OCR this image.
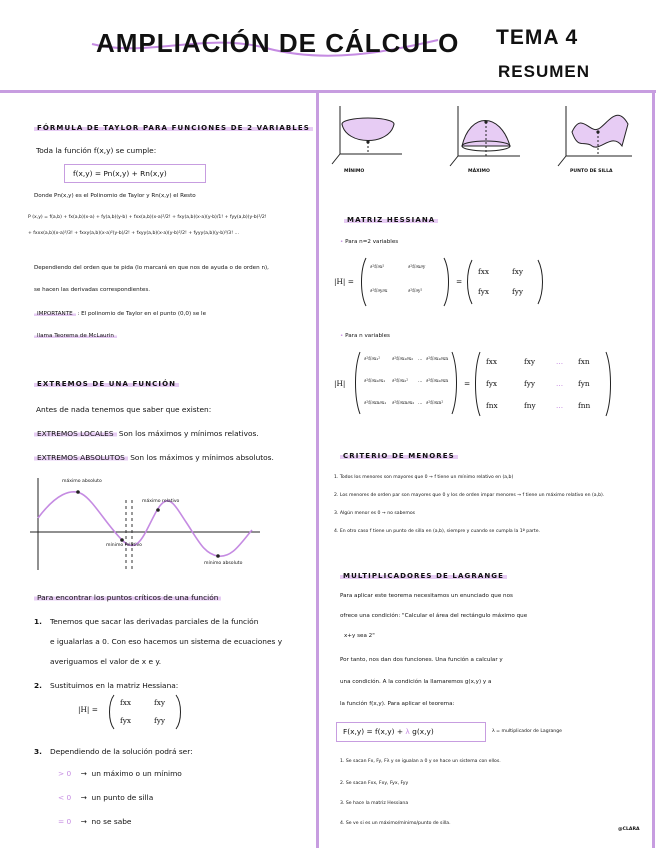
AMPLIACIÓN DE CÁLCULO TEMA 4
RESUMEN
FÓRMULA DE TAYLOR PARA FUNCIONES DE 2 VARIABLES
Toda la función f(x,y) se cumple:
f(x,y) = Pn(x,y) + Rn(x,y)
Donde Pn(x,y) es el Polinomio de Taylor y Rn(x,y) el Resto
P (x,y) = f(a,b) + fx(a,b)(x-a) + fy(a,b)(y-b) + fxx(a,b)(x-a)²/2! + fxy(a,b)(x-a)(y-b)/1! + fyy(a,b)(y-b)²/2!
+ fxxx(a,b)(x-a)³/3! + fxxy(a,b)(x-a)²(y-b)/2! + fxyy(a,b)(x-a)(y-b)²/2! + fyyy(a,b)(y-b)³/3! ...
Dependiendo del orden que te pida (lo marcará en que nos de ayuda o de orden n),
se hacen las derivadas correspondientes.
IMPORTANTE : El polinomio de Taylor en el punto (0,0) se le
llama Teorema de McLaurin
EXTREMOS DE UNA FUNCIÓN
Antes de nada tenemos que saber que existen:
EXTREMOS LOCALES Son los máximos y mínimos relativos.
EXTREMOS ABSOLUTOS Son los máximos y mínimos absolutos.
máximo absoluto
máximo relativo
mínimo relativo
mínimo absoluto
Para encontrar los puntos críticos de una función
1. Tenemos que sacar las derivadas parciales de la función
e igualarlas a 0. Con eso hacemos un sistema de ecuaciones y
averiguamos el valor de x e y.
2. Sustituimos en la matriz Hessiana:
|H| =
fxx	fxy
fyx	fyy
3. Dependiendo de la solución podrá ser:
> 0    →  un máximo o un mínimo
< 0    →  un punto de silla
= 0    →  no se sabe
MÍNIMO	MÁXIMO	PUNTO DE SILLA
MATRIZ HESSIANA
• Para n=2 variables
|H| =
∂²f/∂x²	∂²f/∂x∂y
∂²f/∂y∂x	∂²f/∂y²
=
fxx	fxy
fyx	fyy
• Para n variables
|H|
∂²f/∂x₁²	∂²f/∂x₁∂x₂ ... ∂²f/∂x₁∂xn
∂²f/∂x₂∂x₁ ∂²f/∂x₂² ... ∂²f/∂x₂∂xn
∂²f/∂xn∂x₁ ∂²f/∂xn∂x₂ ... ∂²f/∂xn²
=
fxx	fxy	... fxn
fyx	fyy	... fyn
fnx	fny	... fnn
CRITERIO DE MENORES
1. Todos los menores son mayores que 0 → f tiene un mínimo relativo en (a,b)
2. Los menores de orden par son mayores que 0 y los de orden impar menores → f tiene un máximo relativo en (a,b).
3. Algún menor es 0 → no sabemos
4. En otro caso f tiene un punto de silla en (a,b), siempre y cuando se cumpla la 1ª parte.
MULTIPLICADORES DE LAGRANGE
Para aplicar este teorema necesitamos un enunciado que nos
ofrece una condición: "Calcular el área del rectángulo máximo que
x+y sea 2"
Por tanto, nos dan dos funciones. Una función a calcular y
una condición. A la condición la llamaremos g(x,y) y a
la función f(x,y). Para aplicar el teorema:
F(x,y) = f(x,y) + λ g(x,y)	λ = multiplicador de Lagrange
1. Se sacan Fx, Fy, Fλ y se igualan a 0 y se hace un sistema con ellos.
2. Se sacan Fxx, Fxy, Fyx, Fyy
3. Se hace la matriz Hessiana
4. Se ve si es un máximo/mínimo/punto de silla.
@CLARA
